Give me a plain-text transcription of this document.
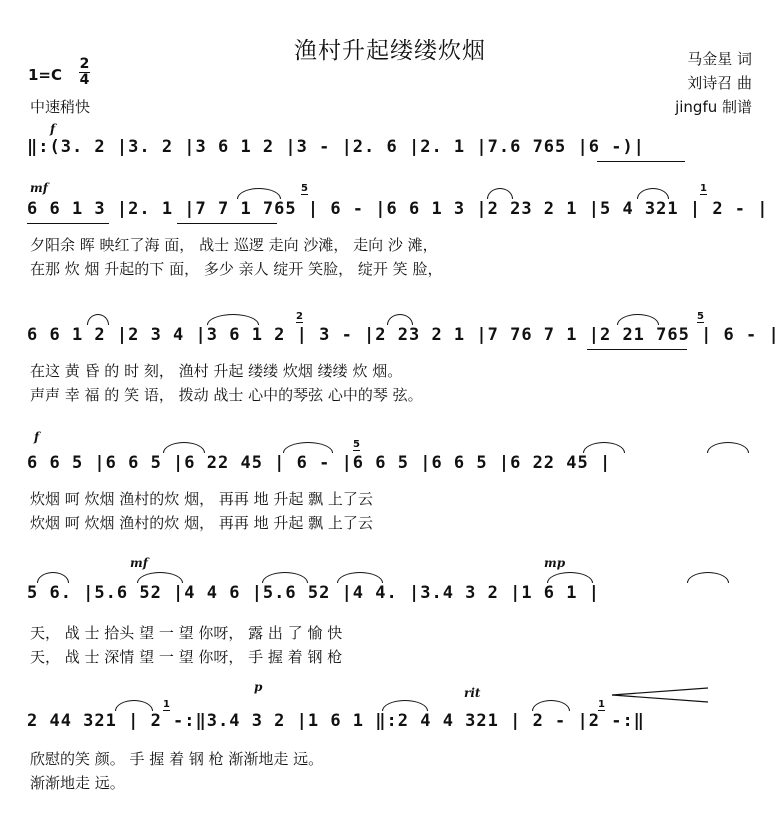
渔村升起缕缕炊烟	马金星 词
刘诗召 曲
jingfu 制谱
1=C
2
4
中速稍快
f
‖:(3. 2 |3. 2 |3 6 1 2 |3 - |2. 6 |2. 1 |7.6 765 |6 -)|
mf	5	1
6 6 1 3 |2. 1 |7 7 1 765 | 6 - |6 6 1 3 |2 23 2 1 |5 4 321 | 2 - |
夕阳余 晖 映红了海 面， 战士 巡逻 走向 沙滩， 走向 沙 滩，
在那 炊 烟 升起的下 面， 多少 亲人 绽开 笑脸， 绽开 笑 脸，
2	5
6 6 1 2 |2 3 4 |3 6 1 2 | 3 - |2 23 2 1 |7 76 7 1 |2 21 765 | 6 - |
在这 黄 昏 的 时 刻， 渔村 升起 缕缕 炊烟 缕缕 炊 烟。
声声 幸 福 的 笑 语， 拨动 战士 心中的琴弦 心中的琴 弦。
f
5
6 6 5 |6 6 5 |6 22 45 | 6 - |6 6 5 |6 6 5 |6 22 45 |
炊烟 呵 炊烟 渔村的炊 烟， 再再 地 升起 飘 上了云
炊烟 呵 炊烟 渔村的炊 烟， 再再 地 升起 飘 上了云
mf	mp
5 6. |5.6 52 |4 4 6 |5.6 52 |4 4. |3.4 3 2 |1 6 1 |
天， 战 士 拾头 望 一 望 你呀， 露 出 了 愉 快
天， 战 士 深情 望 一 望 你呀， 手 握 着 钢 枪
p	rit
1	1
2 44 321 | 2 -:‖3.4 3 2 |1 6 1 ‖:2 4 4 321 | 2 - |2 -:‖
欣慰的笑 颜。 手 握 着 钢 枪 渐渐地走 远。
渐渐地走 远。
